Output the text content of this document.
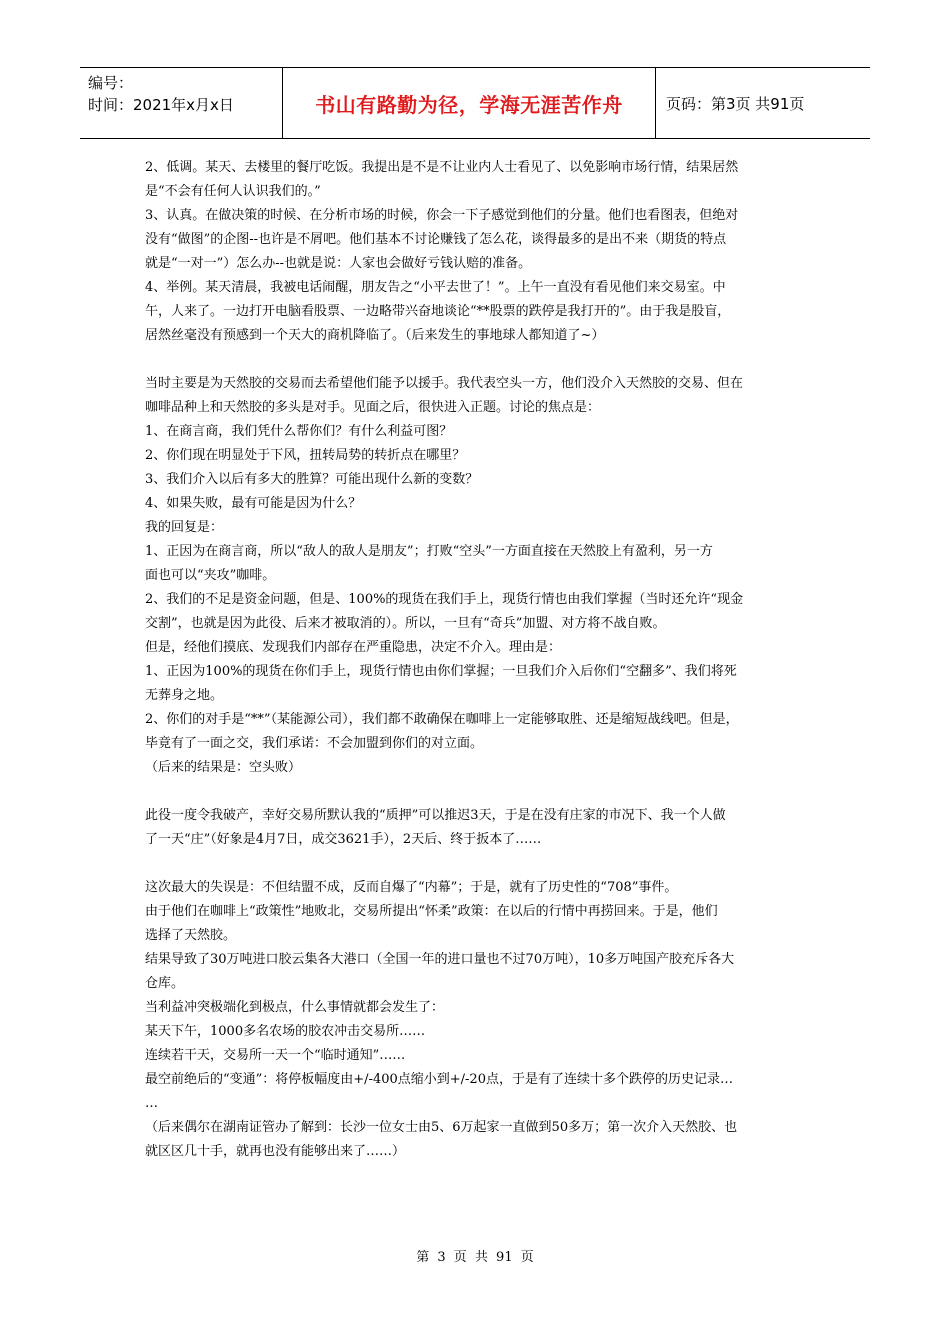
编号：
时间：2021年x月x日	书山有路勤为径，学海无涯苦作舟	页码：第3页 共91页

2、低调。某天、去楼里的餐厅吃饭。我提出是不是不让业内人士看见了、以免影响市场行情，结果居然

是“不会有任何人认识我们的。”

3、认真。在做决策的时候、在分析市场的时候，你会一下子感觉到他们的分量。他们也看图表，但绝对

没有“做图”的企图--也许是不屑吧。他们基本不讨论赚钱了怎么花，谈得最多的是出不来（期货的特点

就是“一对一”）怎么办--也就是说：人家也会做好亏钱认赔的准备。

4、举例。某天清晨，我被电话闹醒，朋友告之“小平去世了！”。上午一直没有看见他们来交易室。中

午，人来了。一边打开电脑看股票、一边略带兴奋地谈论“**股票的跌停是我打开的”。由于我是股盲，

居然丝毫没有预感到一个天大的商机降临了。（后来发生的事地球人都知道了~）

当时主要是为天然胶的交易而去希望他们能予以援手。我代表空头一方，他们没介入天然胶的交易、但在

咖啡品种上和天然胶的多头是对手。见面之后，很快进入正题。讨论的焦点是：

1、在商言商，我们凭什么帮你们？有什么利益可图？

2、你们现在明显处于下风，扭转局势的转折点在哪里？

3、我们介入以后有多大的胜算？可能出现什么新的变数？

4、如果失败，最有可能是因为什么？

我的回复是：

1、正因为在商言商，所以“敌人的敌人是朋友”；打败“空头”一方面直接在天然胶上有盈利，另一方

面也可以“夹攻”咖啡。

2、我们的不足是资金问题，但是、100%的现货在我们手上，现货行情也由我们掌握（当时还允许“现金

交割”，也就是因为此役、后来才被取消的）。所以，一旦有“奇兵”加盟、对方将不战自败。

但是，经他们摸底、发现我们内部存在严重隐患，决定不介入。理由是：

1、正因为100%的现货在你们手上，现货行情也由你们掌握；一旦我们介入后你们“空翻多”、我们将死

无葬身之地。

2、你们的对手是“**”（某能源公司），我们都不敢确保在咖啡上一定能够取胜、还是缩短战线吧。但是，

毕竟有了一面之交，我们承诺：不会加盟到你们的对立面。

（后来的结果是：空头败）

此役一度令我破产，幸好交易所默认我的“质押”可以推迟3天，于是在没有庄家的市况下、我一个人做

了一天“庄”（好象是4月7日，成交3621手），2天后、终于扳本了……

这次最大的失误是：不但结盟不成，反而自爆了“内幕”；于是，就有了历史性的“708”事件。

由于他们在咖啡上“政策性”地败北，交易所提出“怀柔”政策：在以后的行情中再捞回来。于是，他们

选择了天然胶。

结果导致了30万吨进口胶云集各大港口（全国一年的进口量也不过70万吨），10多万吨国产胶充斥各大

仓库。

当利益冲突极端化到极点，什么事情就都会发生了：

某天下午，1000多名农场的胶农冲击交易所……

连续若干天，交易所一天一个“临时通知”……

最空前绝后的“变通”：将停板幅度由+/-400点缩小到+/-20点，于是有了连续十多个跌停的历史记录…

…

（后来偶尔在湖南证管办了解到：长沙一位女士由5、6万起家一直做到50多万；第一次介入天然胶、也

就区区几十手，就再也没有能够出来了……）

第 3 页 共 91 页
